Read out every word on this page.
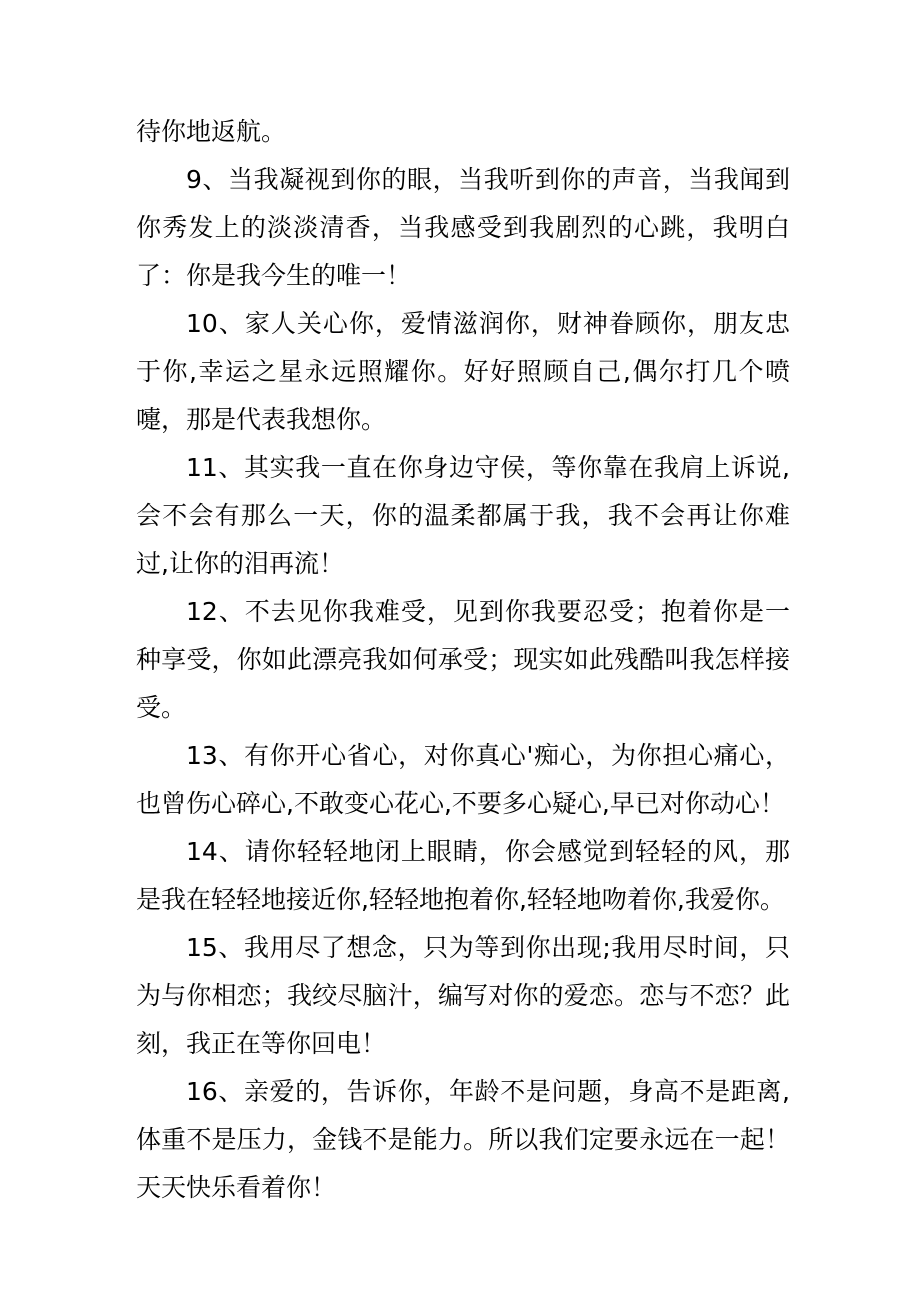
待你地返航。

9、当我凝视到你的眼，当我听到你的声音，当我闻到你秀发上的淡淡清香，当我感受到我剧烈的心跳，我明白了：你是我今生的唯一！

10、家人关心你，爱情滋润你，财神眷顾你，朋友忠于你,幸运之星永远照耀你。好好照顾自己,偶尔打几个喷嚏，那是代表我想你。

11、其实我一直在你身边守侯，等你靠在我肩上诉说,会不会有那么一天，你的温柔都属于我，我不会再让你难过,让你的泪再流！

12、不去见你我难受，见到你我要忍受；抱着你是一种享受，你如此漂亮我如何承受；现实如此残酷叫我怎样接受。

13、有你开心省心，对你真心'痴心，为你担心痛心，也曾伤心碎心,不敢变心花心,不要多心疑心,早已对你动心！

14、请你轻轻地闭上眼睛，你会感觉到轻轻的风，那是我在轻轻地接近你,轻轻地抱着你,轻轻地吻着你,我爱你。

15、我用尽了想念，只为等到你出现;我用尽时间，只为与你相恋；我绞尽脑汁，编写对你的爱恋。恋与不恋？此刻，我正在等你回电！

16、亲爱的，告诉你，年龄不是问题，身高不是距离,体重不是压力，金钱不是能力。所以我们定要永远在一起！天天快乐看着你！
